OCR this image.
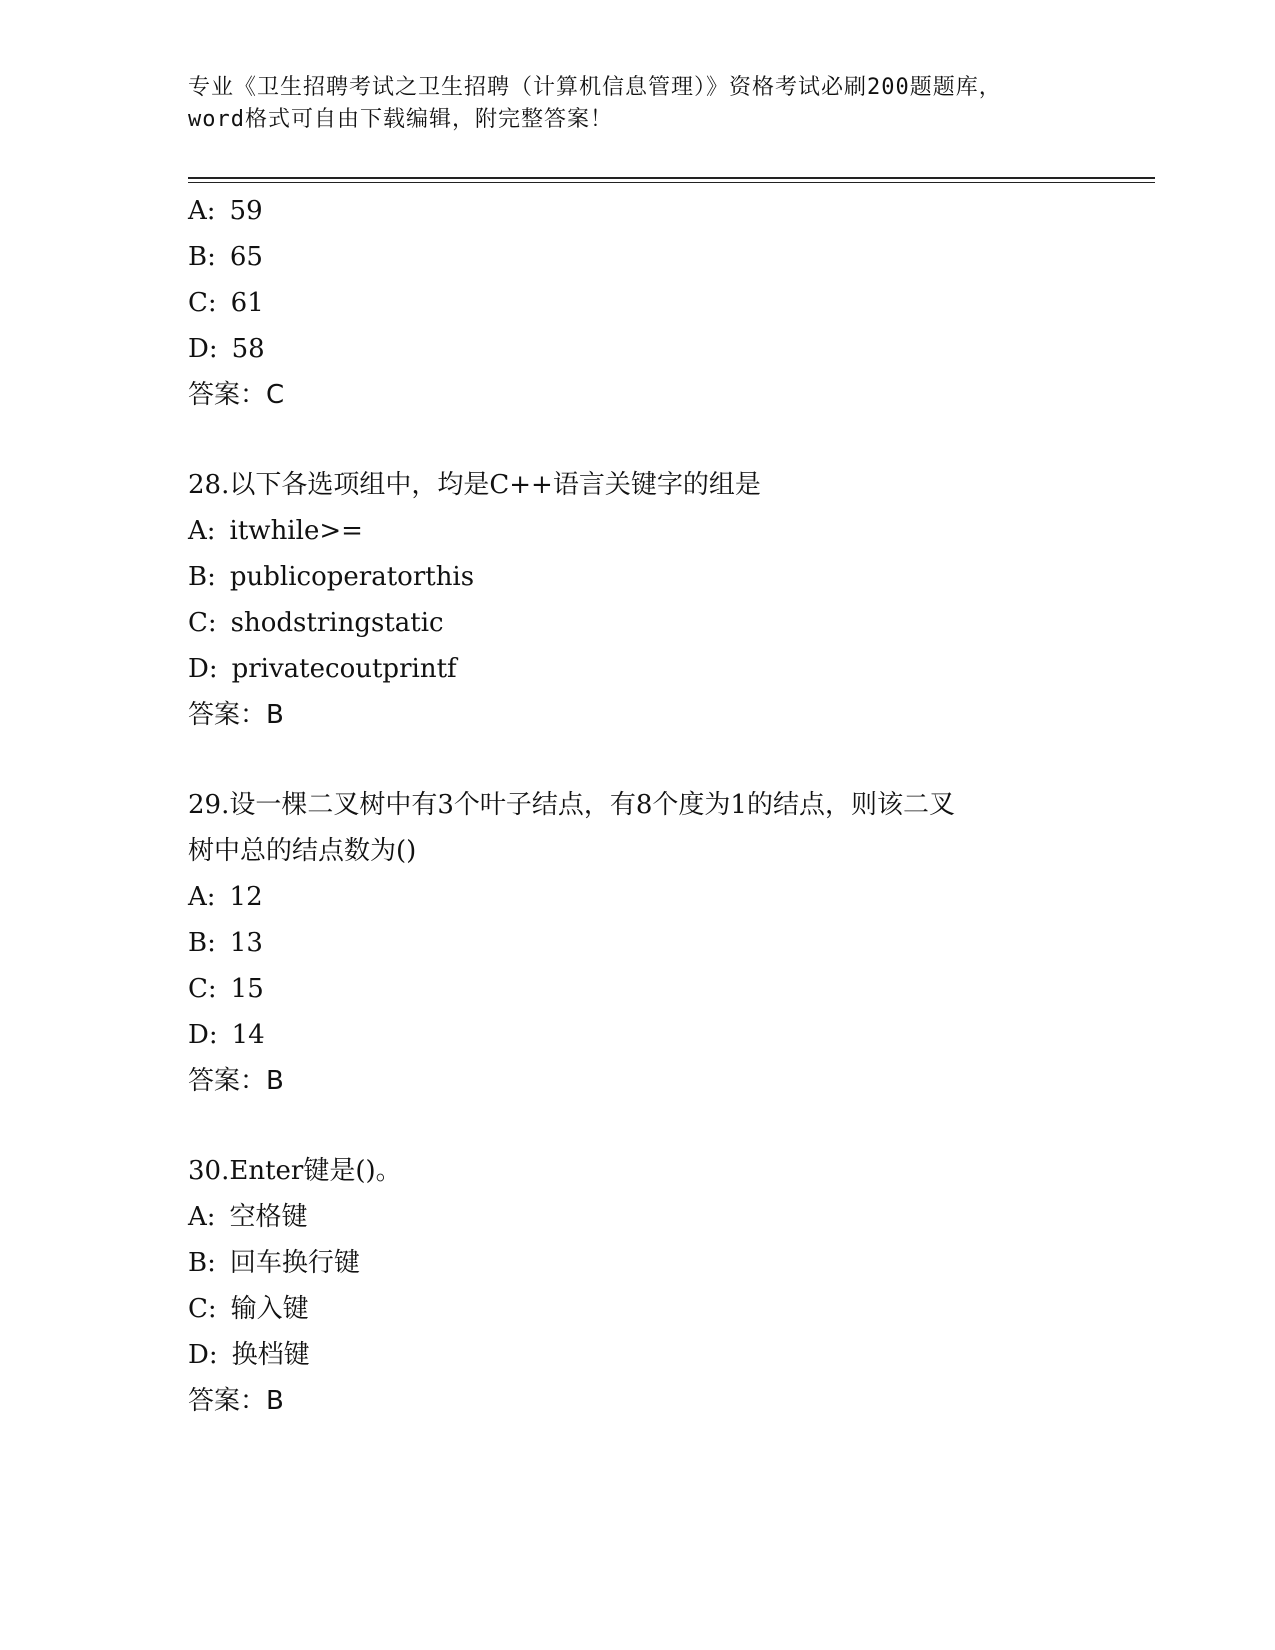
专业《卫生招聘考试之卫生招聘（计算机信息管理）》资格考试必刷200题题库，
word格式可自由下载编辑，附完整答案！
A: 59
B: 65
C: 61
D: 58
答案：C
28.以下各选项组中，均是C++语言关键字的组是
A: itwhile>=
B: publicoperatorthis
C: shodstringstatic
D: privatecoutprintf
答案：B
29.设一棵二叉树中有3个叶子结点，有8个度为1的结点，则该二叉
树中总的结点数为()
A: 12
B: 13
C: 15
D: 14
答案：B
30.Enter键是()。
A: 空格键
B: 回车换行键
C: 输入键
D: 换档键
答案：B
